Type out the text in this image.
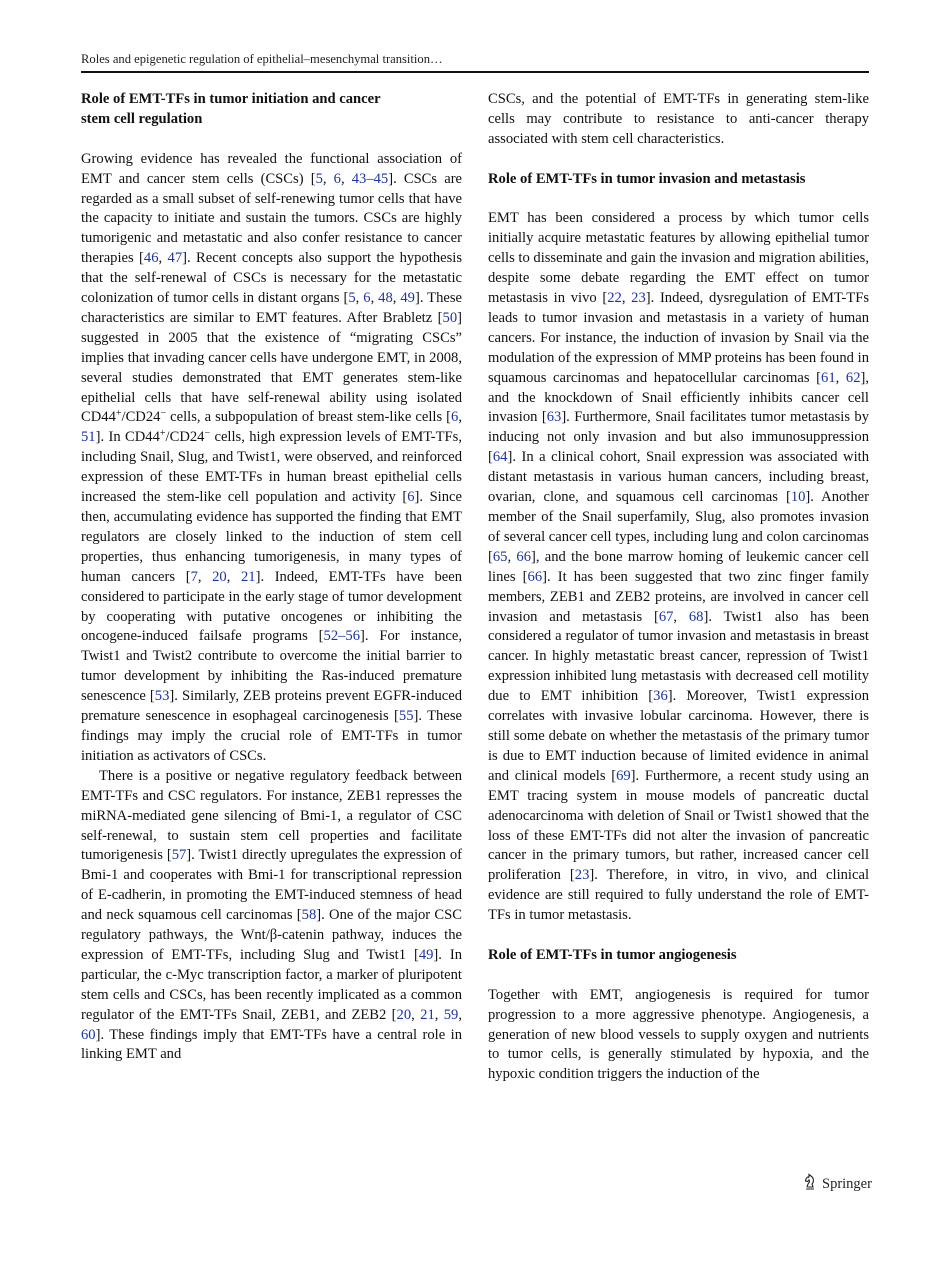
Roles and epigenetic regulation of epithelial–mesenchymal transition…
Role of EMT-TFs in tumor initiation and cancer
stem cell regulation

Growing evidence has revealed the functional association of EMT and cancer stem cells (CSCs) [5, 6, 43–45]. CSCs are regarded as a small subset of self-renewing tumor cells that have the capacity to initiate and sustain the tumors. CSCs are highly tumorigenic and metastatic and also confer resistance to cancer therapies [46, 47]. Recent concepts also support the hypothesis that the self-renewal of CSCs is necessary for the metastatic colonization of tumor cells in distant organs [5, 6, 48, 49]. These characteristics are similar to EMT features. After Brabletz [50] suggested in 2005 that the existence of “migrating CSCs” implies that invading cancer cells have undergone EMT, in 2008, several studies demonstrated that EMT generates stem-like epithelial cells that have self-renewal ability using isolated CD44+/CD24− cells, a subpopulation of breast stem-like cells [6, 51]. In CD44+/CD24− cells, high expression levels of EMT-TFs, including Snail, Slug, and Twist1, were observed, and reinforced expression of these EMT-TFs in human breast epithelial cells increased the stem-like cell population and activity [6]. Since then, accumulating evidence has supported the finding that EMT regulators are closely linked to the induction of stem cell properties, thus enhancing tumorigenesis, in many types of human cancers [7, 20, 21]. Indeed, EMT-TFs have been considered to participate in the early stage of tumor development by cooperating with putative oncogenes or inhibiting the oncogene-induced failsafe programs [52–56]. For instance, Twist1 and Twist2 contribute to overcome the initial barrier to tumor development by inhibiting the Ras-induced premature senescence [53]. Similarly, ZEB proteins prevent EGFR-induced premature senescence in esophageal carcinogenesis [55]. These findings may imply the crucial role of EMT-TFs in tumor initiation as activators of CSCs.

There is a positive or negative regulatory feedback between EMT-TFs and CSC regulators. For instance, ZEB1 represses the miRNA-mediated gene silencing of Bmi-1, a regulator of CSC self-renewal, to sustain stem cell properties and facilitate tumorigenesis [57]. Twist1 directly upregulates the expression of Bmi-1 and cooperates with Bmi-1 for transcriptional repression of E-cadherin, in promoting the EMT-induced stemness of head and neck squamous cell carcinomas [58]. One of the major CSC regulatory pathways, the Wnt/β-catenin pathway, induces the expression of EMT-TFs, including Slug and Twist1 [49]. In particular, the c-Myc transcription factor, a marker of pluripotent stem cells and CSCs, has been recently implicated as a common regulator of the EMT-TFs Snail, ZEB1, and ZEB2 [20, 21, 59, 60]. These findings imply that EMT-TFs have a central role in linking EMT and

CSCs, and the potential of EMT-TFs in generating stem-like cells may contribute to resistance to anti-cancer therapy associated with stem cell characteristics.

Role of EMT-TFs in tumor invasion and metastasis

EMT has been considered a process by which tumor cells initially acquire metastatic features by allowing epithelial tumor cells to disseminate and gain the invasion and migration abilities, despite some debate regarding the EMT effect on tumor metastasis in vivo [22, 23]. Indeed, dysregulation of EMT-TFs leads to tumor invasion and metastasis in a variety of human cancers. For instance, the induction of invasion by Snail via the modulation of the expression of MMP proteins has been found in squamous carcinomas and hepatocellular carcinomas [61, 62], and the knockdown of Snail efficiently inhibits cancer cell invasion [63]. Furthermore, Snail facilitates tumor metastasis by inducing not only invasion and but also immunosuppression [64]. In a clinical cohort, Snail expression was associated with distant metastasis in various human cancers, including breast, ovarian, clone, and squamous cell carcinomas [10]. Another member of the Snail superfamily, Slug, also promotes invasion of several cancer cell types, including lung and colon carcinomas [65, 66], and the bone marrow homing of leukemic cancer cell lines [66]. It has been suggested that two zinc finger family members, ZEB1 and ZEB2 proteins, are involved in cancer cell invasion and metastasis [67, 68]. Twist1 also has been considered a regulator of tumor invasion and metastasis in breast cancer. In highly metastatic breast cancer, repression of Twist1 expression inhibited lung metastasis with decreased cell motility due to EMT inhibition [36]. Moreover, Twist1 expression correlates with invasive lobular carcinoma. However, there is still some debate on whether the metastasis of the primary tumor is due to EMT induction because of limited evidence in animal and clinical models [69]. Furthermore, a recent study using an EMT tracing system in mouse models of pancreatic ductal adenocarcinoma with deletion of Snail or Twist1 showed that the loss of these EMT-TFs did not alter the invasion of pancreatic cancer in the primary tumors, but rather, increased cancer cell proliferation [23]. Therefore, in vitro, in vivo, and clinical evidence are still required to fully understand the role of EMT-TFs in tumor metastasis.

Role of EMT-TFs in tumor angiogenesis

Together with EMT, angiogenesis is required for tumor progression to a more aggressive phenotype. Angiogenesis, a generation of new blood vessels to supply oxygen and nutrients to tumor cells, is generally stimulated by hypoxia, and the hypoxic condition triggers the induction of the

Springer
